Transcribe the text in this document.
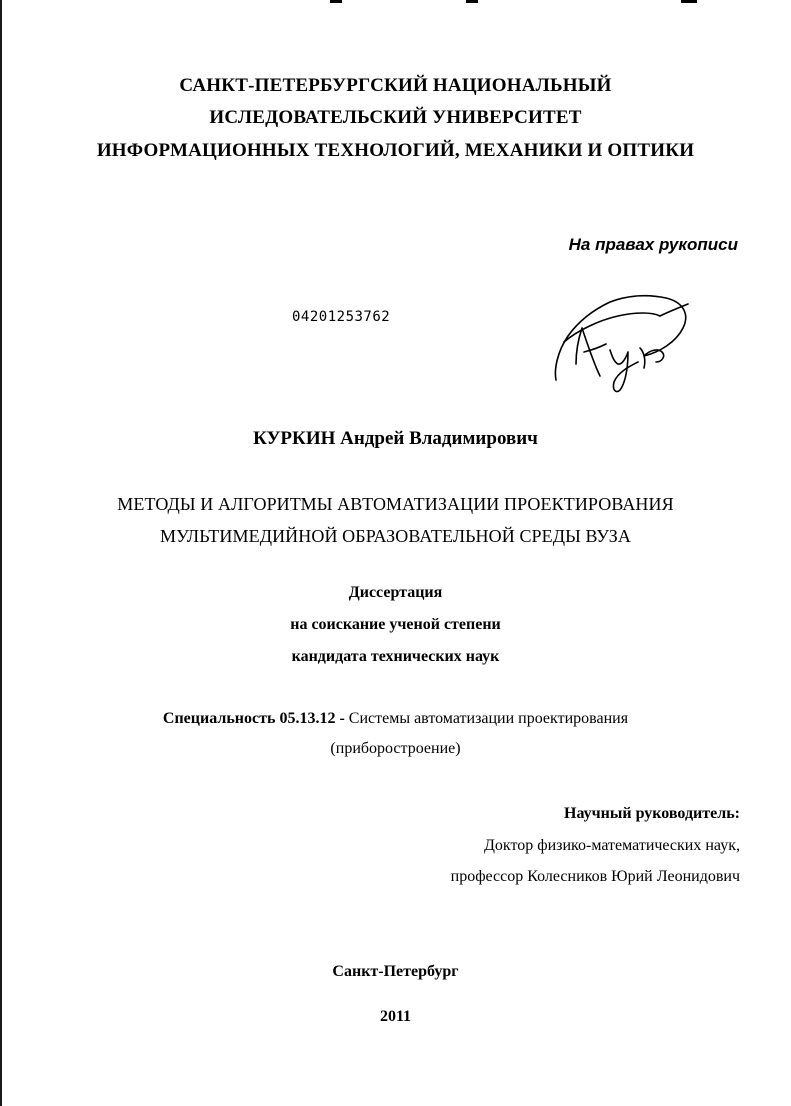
САНКТ-ПЕТЕРБУРГСКИЙ НАЦИОНАЛЬНЫЙ
ИСЛЕДОВАТЕЛЬСКИЙ УНИВЕРСИТЕТ
ИНФОРМАЦИОННЫХ ТЕХНОЛОГИЙ, МЕХАНИКИ И ОПТИКИ
На правах рукописи
04201253762
КУРКИН Андрей Владимирович
МЕТОДЫ И АЛГОРИТМЫ АВТОМАТИЗАЦИИ ПРОЕКТИРОВАНИЯ
МУЛЬТИМЕДИЙНОЙ ОБРАЗОВАТЕЛЬНОЙ СРЕДЫ ВУЗА
Диссертация
на соискание ученой степени
кандидата технических наук
Специальность 05.13.12 - Системы автоматизации проектирования
(приборостроение)
Научный руководитель:
Доктор физико-математических наук,
профессор Колесников Юрий Леонидович
Санкт-Петербург
2011
